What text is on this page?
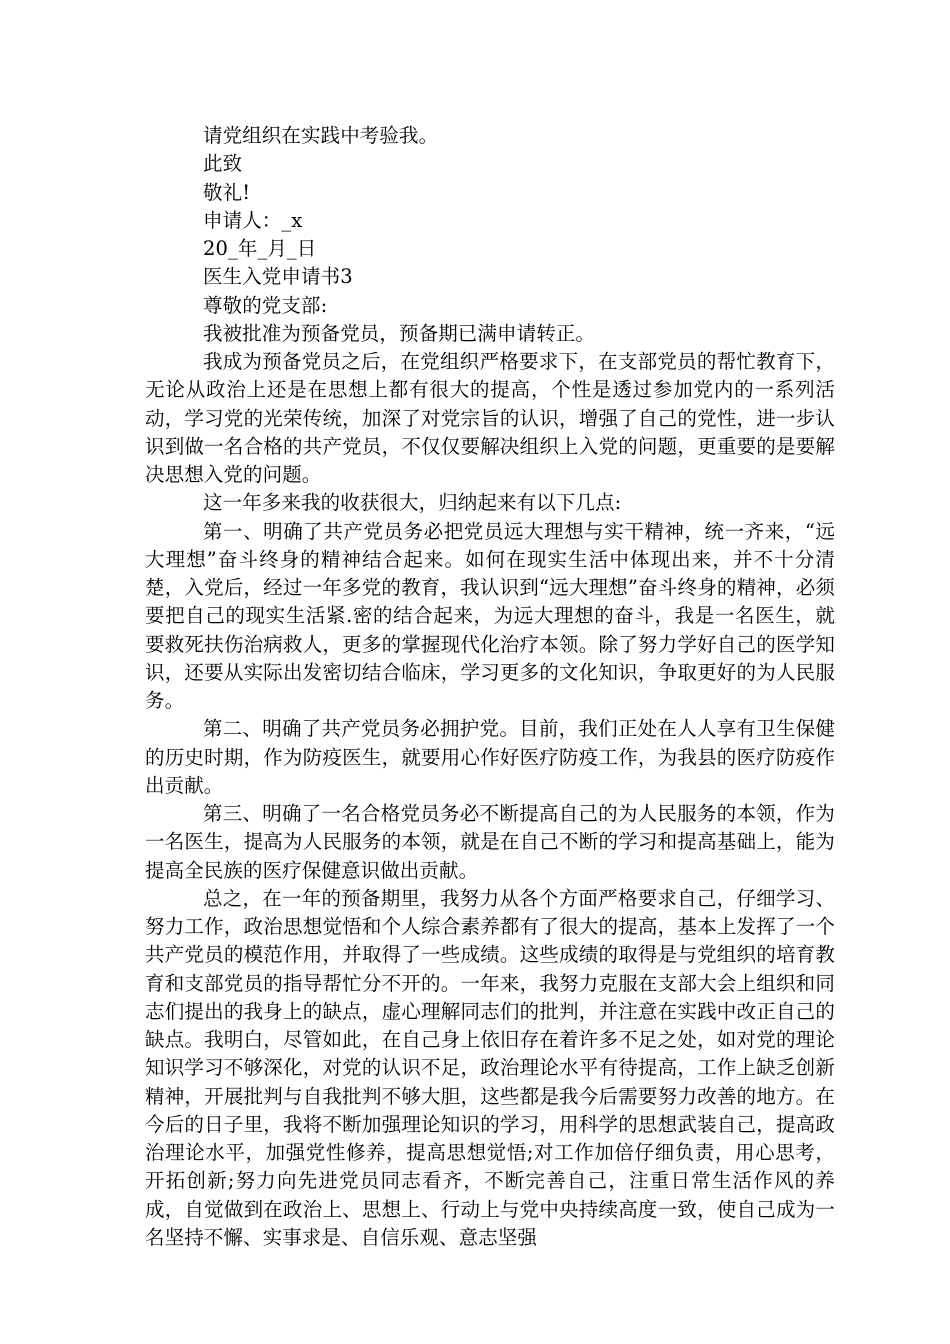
请党组织在实践中考验我。

此致

敬礼!

申请人：_x

20_年_月_日

医生入党申请书3

尊敬的党支部:

我被批准为预备党员，预备期已满申请转正。

我成为预备党员之后，在党组织严格要求下，在支部党员的帮忙教育下，无论从政治上还是在思想上都有很大的提高，个性是透过参加党内的一系列活动，学习党的光荣传统，加深了对党宗旨的认识，增强了自己的党性，进一步认识到做一名合格的共产党员，不仅仅要解决组织上入党的问题，更重要的是要解决思想入党的问题。

这一年多来我的收获很大，归纳起来有以下几点:

第一、明确了共产党员务必把党员远大理想与实干精神，统一齐来，“远大理想”奋斗终身的精神结合起来。如何在现实生活中体现出来，并不十分清楚，入党后，经过一年多党的教育，我认识到“远大理想”奋斗终身的精神，必须要把自己的现实生活紧.密的结合起来，为远大理想的奋斗，我是一名医生，就要救死扶伤治病救人，更多的掌握现代化治疗本领。除了努力学好自己的医学知识，还要从实际出发密切结合临床，学习更多的文化知识，争取更好的为人民服务。

第二、明确了共产党员务必拥护党。目前，我们正处在人人享有卫生保健的历史时期，作为防疫医生，就要用心作好医疗防疫工作，为我县的医疗防疫作出贡献。

第三、明确了一名合格党员务必不断提高自己的为人民服务的本领，作为一名医生，提高为人民服务的本领，就是在自己不断的学习和提高基础上，能为提高全民族的医疗保健意识做出贡献。

总之，在一年的预备期里，我努力从各个方面严格要求自己，仔细学习、努力工作，政治思想觉悟和个人综合素养都有了很大的提高，基本上发挥了一个共产党员的模范作用，并取得了一些成绩。这些成绩的取得是与党组织的培育教育和支部党员的指导帮忙分不开的。一年来，我努力克服在支部大会上组织和同志们提出的我身上的缺点，虚心理解同志们的批判，并注意在实践中改正自己的缺点。我明白，尽管如此，在自己身上依旧存在着许多不足之处，如对党的理论知识学习不够深化，对党的认识不足，政治理论水平有待提高，工作上缺乏创新精神，开展批判与自我批判不够大胆，这些都是我今后需要努力改善的地方。在今后的日子里，我将不断加强理论知识的学习，用科学的思想武装自己，提高政治理论水平，加强党性修养，提高思想觉悟;对工作加倍仔细负责，用心思考，开拓创新;努力向先进党员同志看齐，不断完善自己，注重日常生活作风的养成，自觉做到在政治上、思想上、行动上与党中央持续高度一致，使自己成为一名坚持不懈、实事求是、自信乐观、意志坚强
